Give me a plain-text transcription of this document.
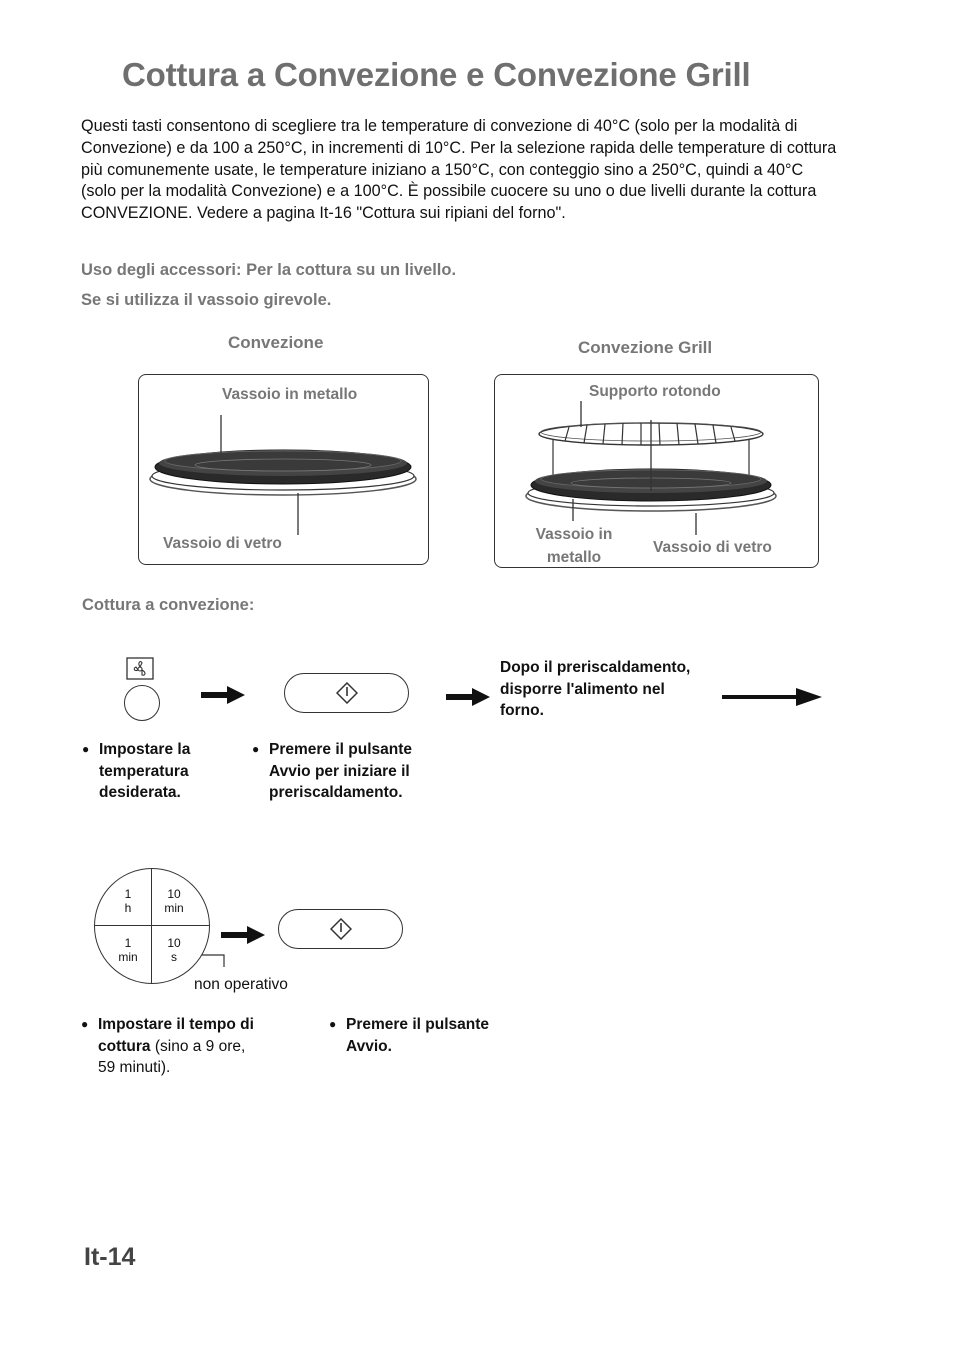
Cottura a Convezione e Convezione Grill
Questi tasti consentono di scegliere tra le temperature di convezione di 40°C (solo per la modalità di Convezione) e da 100 a 250°C, in incrementi di 10°C. Per la selezione rapida delle temperature di cottura più comunemente usate, le temperature iniziano a 150°C, con conteggio sino a 250°C, quindi a 40°C (solo per la modalità Convezione) e a 100°C. È possibile cuocere su uno o due livelli durante la cottura CONVEZIONE. Vedere a pagina It-16 "Cottura sui ripiani del forno".
Uso degli accessori: Per la cottura su un livello.
Se si utilizza il vassoio girevole.
Convezione	Convezione Grill
Vassoio in metallo
Vassoio di vetro
Supporto rotondo
Vassoio in
metallo
Vassoio di vetro
Cottura a convezione:
Dopo il preriscaldamento,
disporre l'alimento nel
forno.
● Impostare la
temperatura
desiderata.
● Premere il pulsante
Avvio per iniziare il
preriscaldamento.
1
h
10
min
1
min
10
s
non operativo
● Impostare il tempo di
cottura (sino a 9 ore,
59 minuti).
● Premere il pulsante
Avvio.
It-14
